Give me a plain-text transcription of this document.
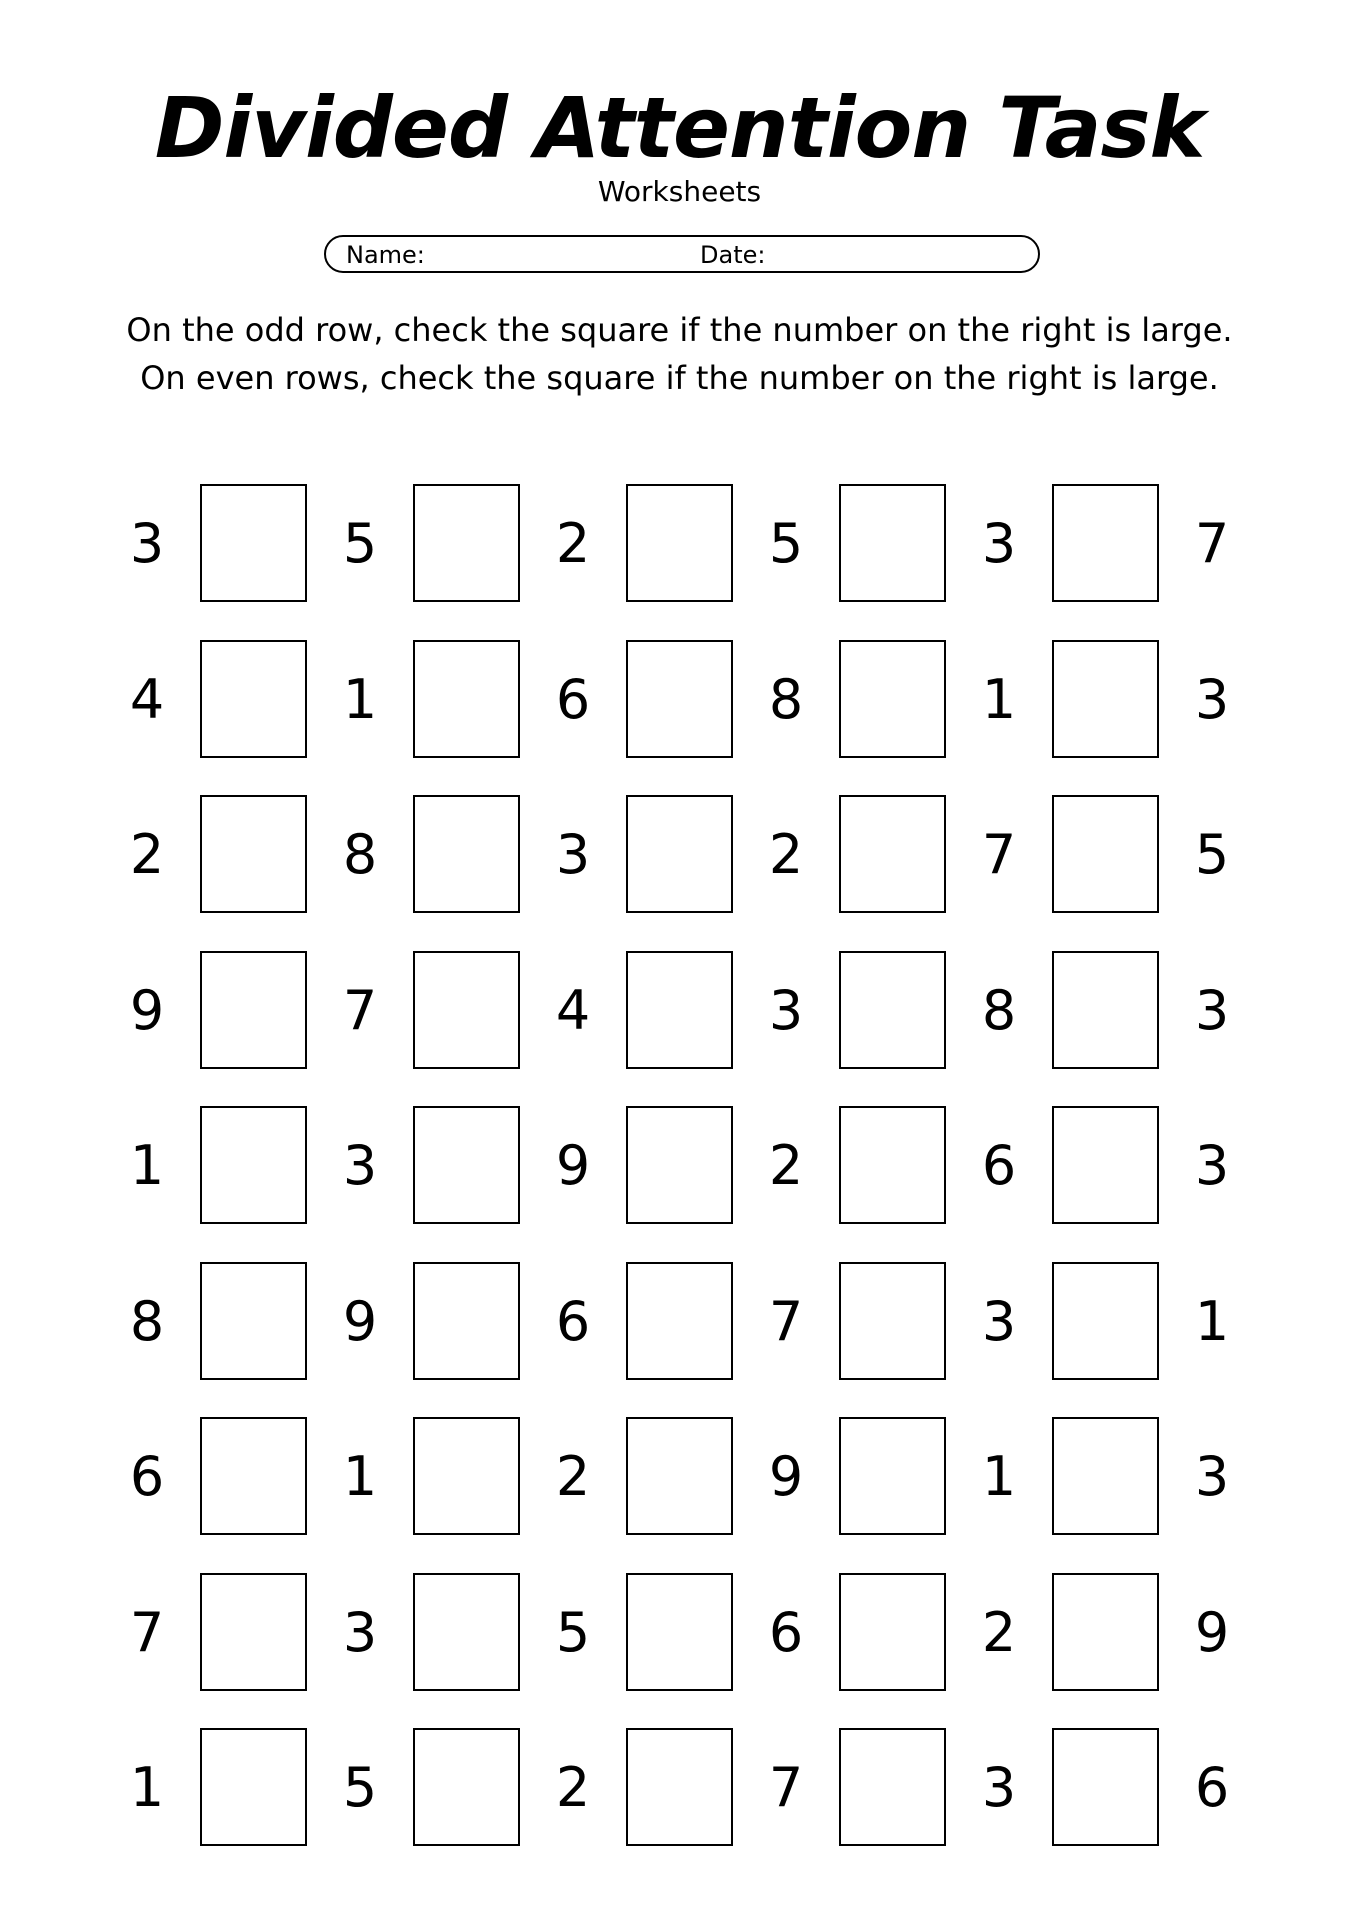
Divided Attention Task
Worksheets
Name:	Date:

On the odd row, check the square if the number on the right is large. On even rows, check the square if the number on the right is large.

3	5	2	5	3	7
4	1	6	8	1	3
2	8	3	2	7	5
9	7	4	3	8	3
1	3	9	2	6	3
8	9	6	7	3	1
6	1	2	9	1	3
7	3	5	6	2	9
1	5	2	7	3	6
